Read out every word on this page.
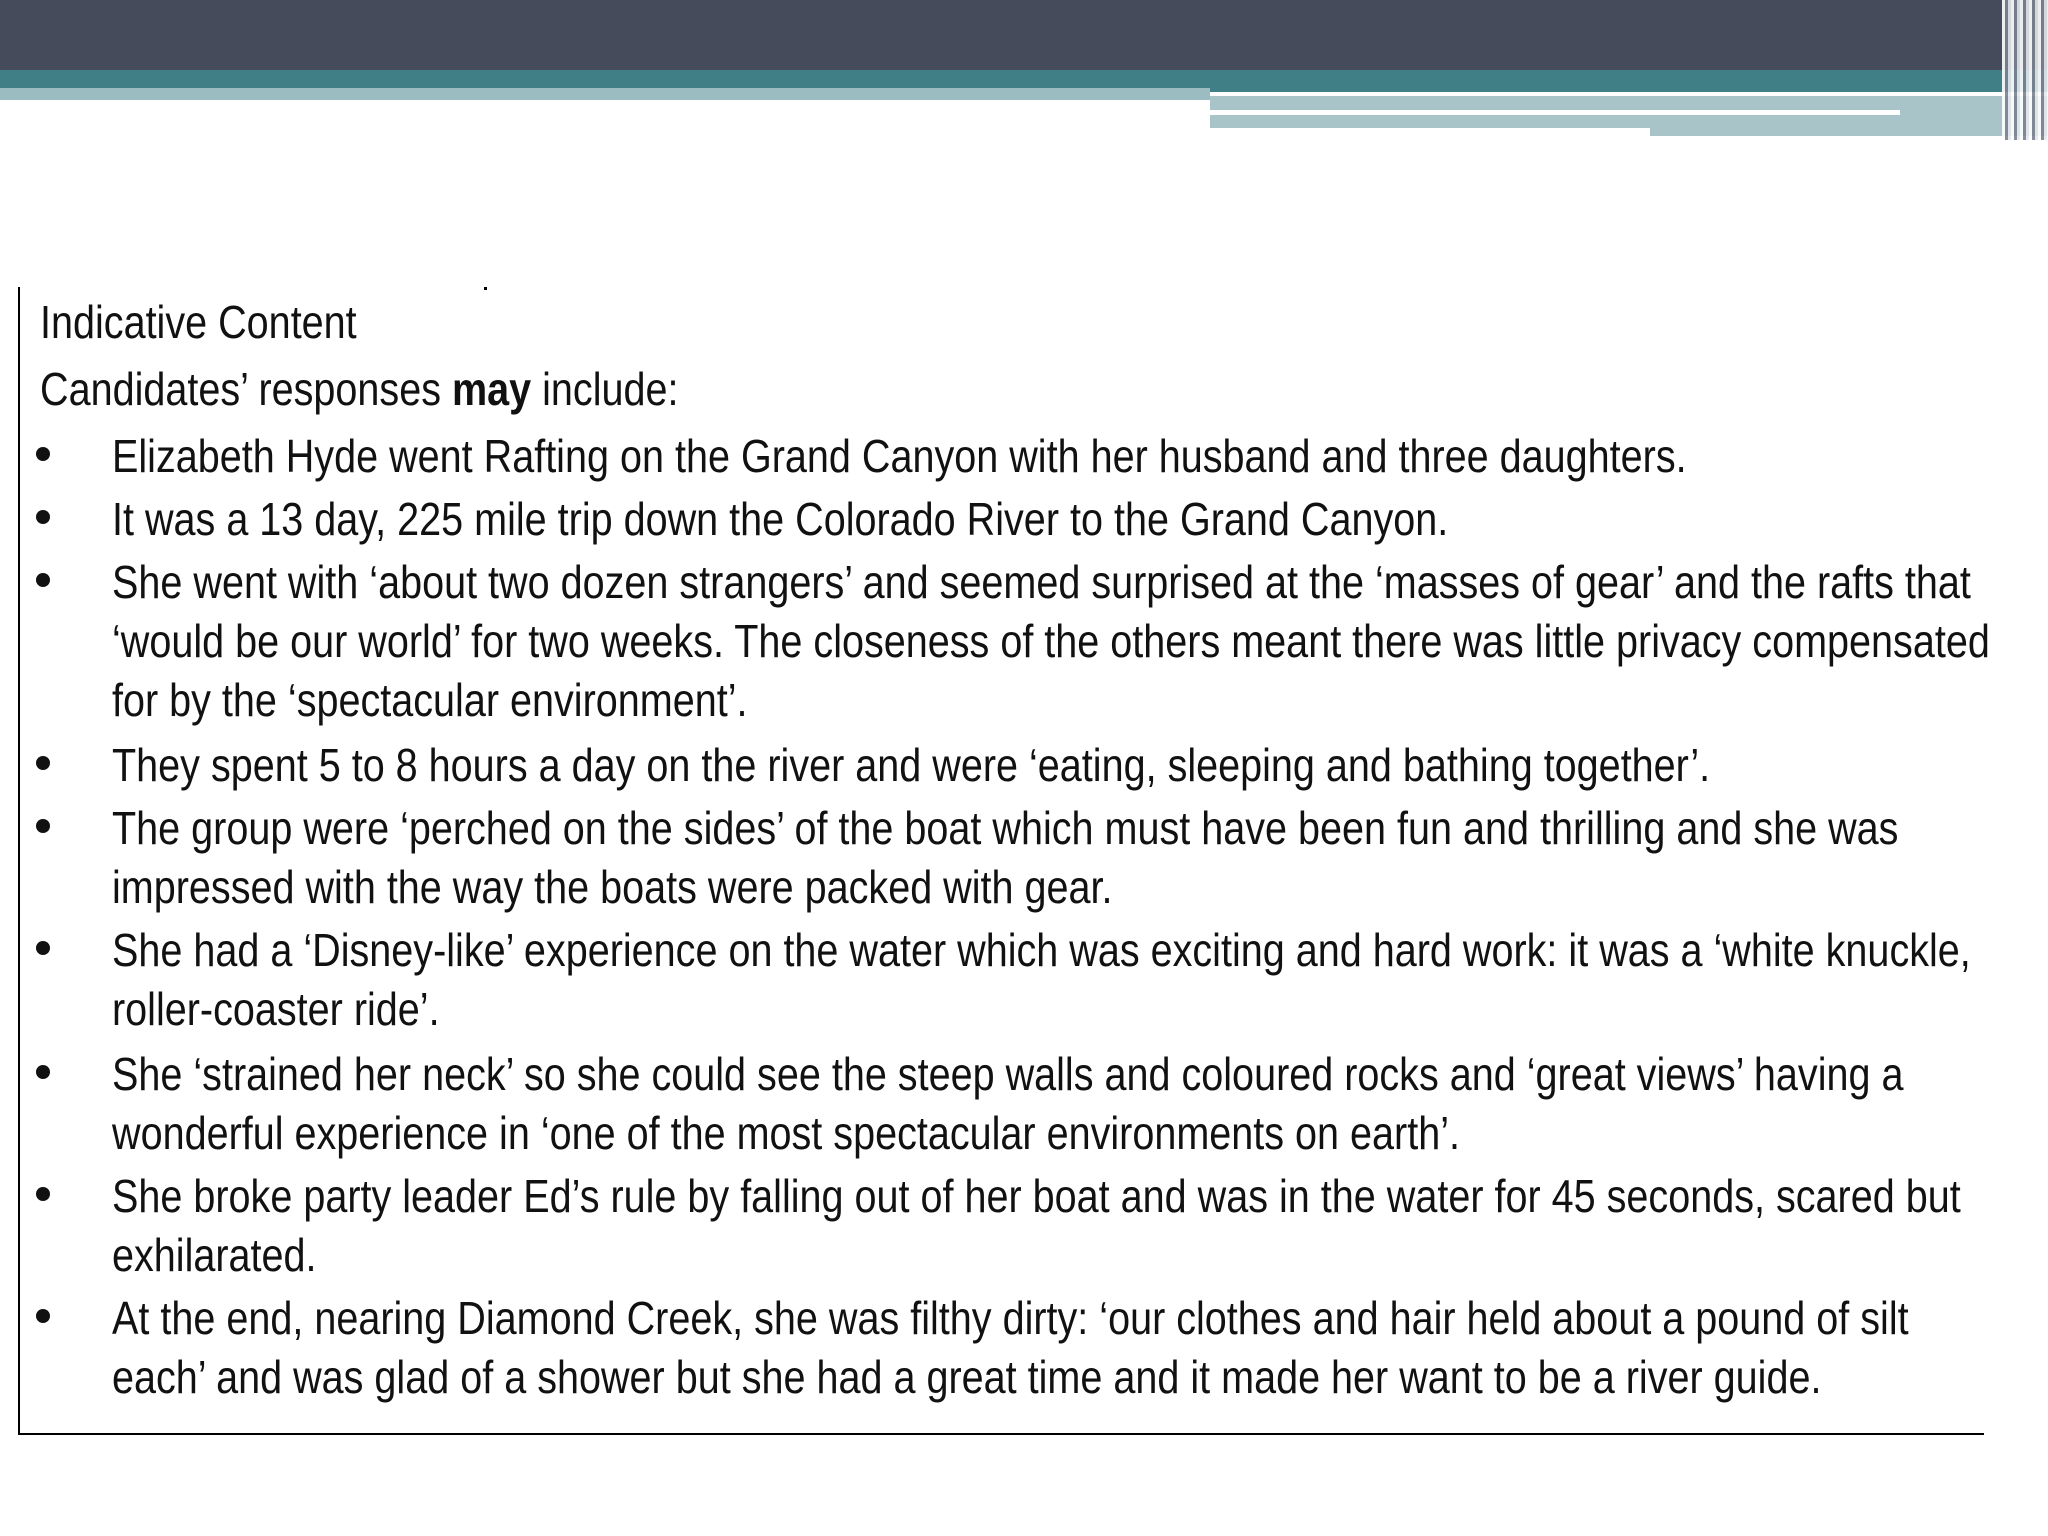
Indicative Content
Candidates’ responses may include:
Elizabeth Hyde went Rafting on the Grand Canyon with her husband and three daughters.
It was a 13 day, 225 mile trip down the Colorado River to the Grand Canyon.
She went with ‘about two dozen strangers’ and seemed surprised at the ‘masses of gear’ and the rafts that ‘would be our world’ for two weeks. The closeness of the others meant there was little privacy compensated for by the ‘spectacular environment’.
They spent 5 to 8 hours a day on the river and were ‘eating, sleeping and bathing together’.
The group were ‘perched on the sides’ of the boat which must have been fun and thrilling and she was impressed with the way the boats were packed with gear.
She had a ‘Disney-like’ experience on the water which was exciting and hard work: it was a ‘white knuckle, roller-coaster ride’.
She ‘strained her neck’ so she could see the steep walls and coloured rocks and ‘great views’ having a wonderful experience in ‘one of the most spectacular environments on earth’.
She broke party leader Ed’s rule by falling out of her boat and was in the water for 45 seconds, scared but exhilarated.
At the end, nearing Diamond Creek, she was filthy dirty: ‘our clothes and hair held about a pound of silt each’ and was glad of a shower but she had a great time and it made her want to be a river guide.
